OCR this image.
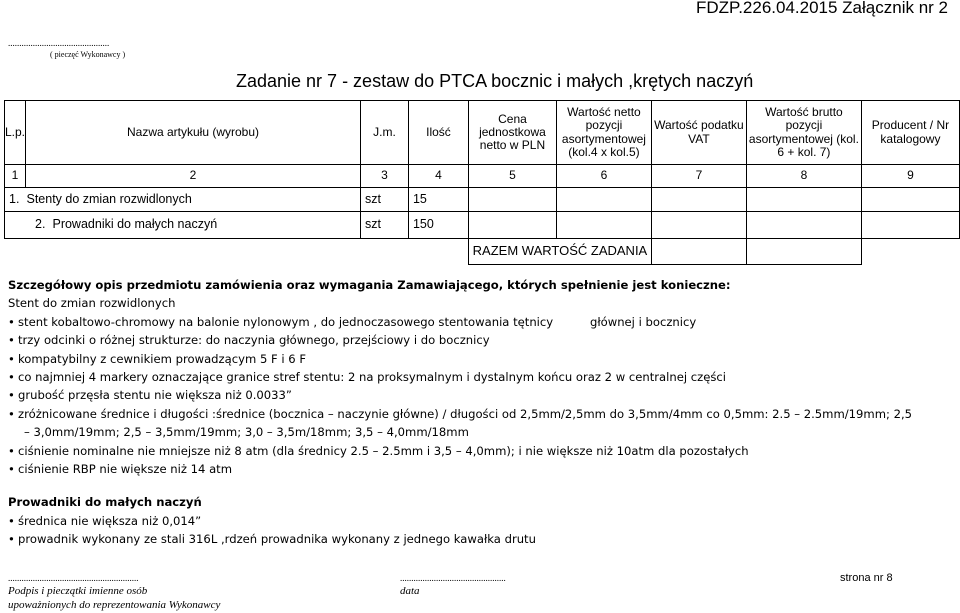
FDZP.226.04.2015 Załącznik nr 2
.............................................
( pieczęć Wykonawcy )
Zadanie nr 7 - zestaw do PTCA bocznic i małych ,krętych naczyń
L.p.	Nazwa artykułu (wyrobu)	J.m.	Ilość	Cena jednostkowa netto w PLN	Wartość netto pozycji asortymentowej (kol.4 x kol.5)	Wartość podatku VAT	Wartość brutto pozycji asortymentowej (kol. 6 + kol. 7)	Producent / Nr katalogowy
1	2	3	4	5	6	7	8	9
1. Stenty do zmian rozwidlonych		szt	15					
2. Prowadniki do małych naczyń		szt	150					
				RAZEM WARTOŚĆ ZADANIA				
Szczegółowy opis przedmiotu zamówienia oraz wymagania Zamawiającego, których spełnienie jest konieczne:
Stent do zmian rozwidlonych
• stent kobaltowo-chromowy na balonie nylonowym , do jednoczasowego stentowania tętnicy          głównej i bocznicy
• trzy odcinki o różnej strukturze: do naczynia głównego, przejściowy i do bocznicy
• kompatybilny z cewnikiem prowadzącym 5 F i 6 F
• co najmniej 4 markery oznaczające granice stref stentu: 2 na proksymalnym i dystalnym końcu oraz 2 w centralnej części
• grubość przęsła stentu nie większa niż 0.0033”
• zróżnicowane średnice i długości :średnice (bocznica – naczynie główne) / długości od 2,5mm/2,5mm do 3,5mm/4mm co 0,5mm: 2.5 – 2.5mm/19mm; 2,5
– 3,0mm/19mm; 2,5 – 3,5mm/19mm; 3,0 – 3,5m/18mm; 3,5 – 4,0mm/18mm
• ciśnienie nominalne nie mniejsze niż 8 atm (dla średnicy 2.5 – 2.5mm i 3,5 – 4,0mm); i nie większe niż 10atm dla pozostałych
• ciśnienie RBP nie większe niż 14 atm
Prowadniki do małych naczyń
• średnica nie większa niż 0,014”
• prowadnik wykonany ze stali 316L ,rdzeń prowadnika wykonany z jednego kawałka drutu
..........................................................	...............................................	strona nr 8
Podpis i pieczątki imienne osób
upoważnionych do reprezentowania Wykonawcy
data
